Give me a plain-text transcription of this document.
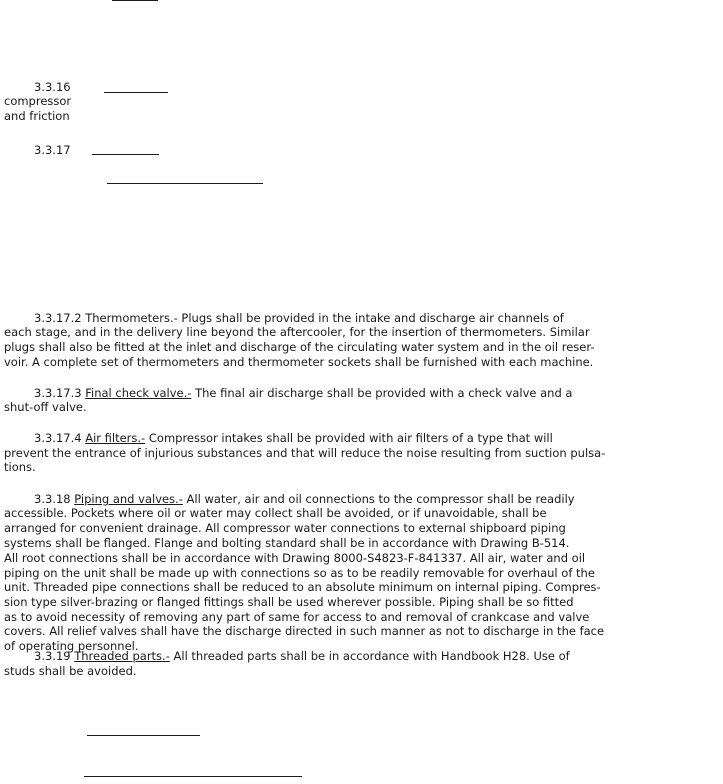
3.3.16
compressor
and friction
3.3.17
3.3.17.2 Thermometers.- Plugs shall be provided in the intake and discharge air channels of
each stage, and in the delivery line beyond the aftercooler, for the insertion of thermometers. Similar
plugs shall also be fitted at the inlet and discharge of the circulating water system and in the oil reser-
voir. A complete set of thermometers and thermometer sockets shall be furnished with each machine.
3.3.17.3 Final check valve.- The final air discharge shall be provided with a check valve and a
shut-off valve.
3.3.17.4 Air filters.- Compressor intakes shall be provided with air filters of a type that will
prevent the entrance of injurious substances and that will reduce the noise resulting from suction pulsa-
tions.
3.3.18 Piping and valves.- All water, air and oil connections to the compressor shall be readily
accessible. Pockets where oil or water may collect shall be avoided, or if unavoidable, shall be
arranged for convenient drainage. All compressor water connections to external shipboard piping
systems shall be flanged. Flange and bolting standard shall be in accordance with Drawing B-514.
All root connections shall be in accordance with Drawing 8000-S4823-F-841337. All air, water and oil
piping on the unit shall be made up with connections so as to be readily removable for overhaul of the
unit. Threaded pipe connections shall be reduced to an absolute minimum on internal piping. Compres-
sion type silver-brazing or flanged fittings shall be used wherever possible. Piping shall be so fitted
as to avoid necessity of removing any part of same for access to and removal of crankcase and valve
covers. All relief valves shall have the discharge directed in such manner as not to discharge in the face
of operating personnel.
3.3.19 Threaded parts.- All threaded parts shall be in accordance with Handbook H28. Use of
studs shall be avoided.
